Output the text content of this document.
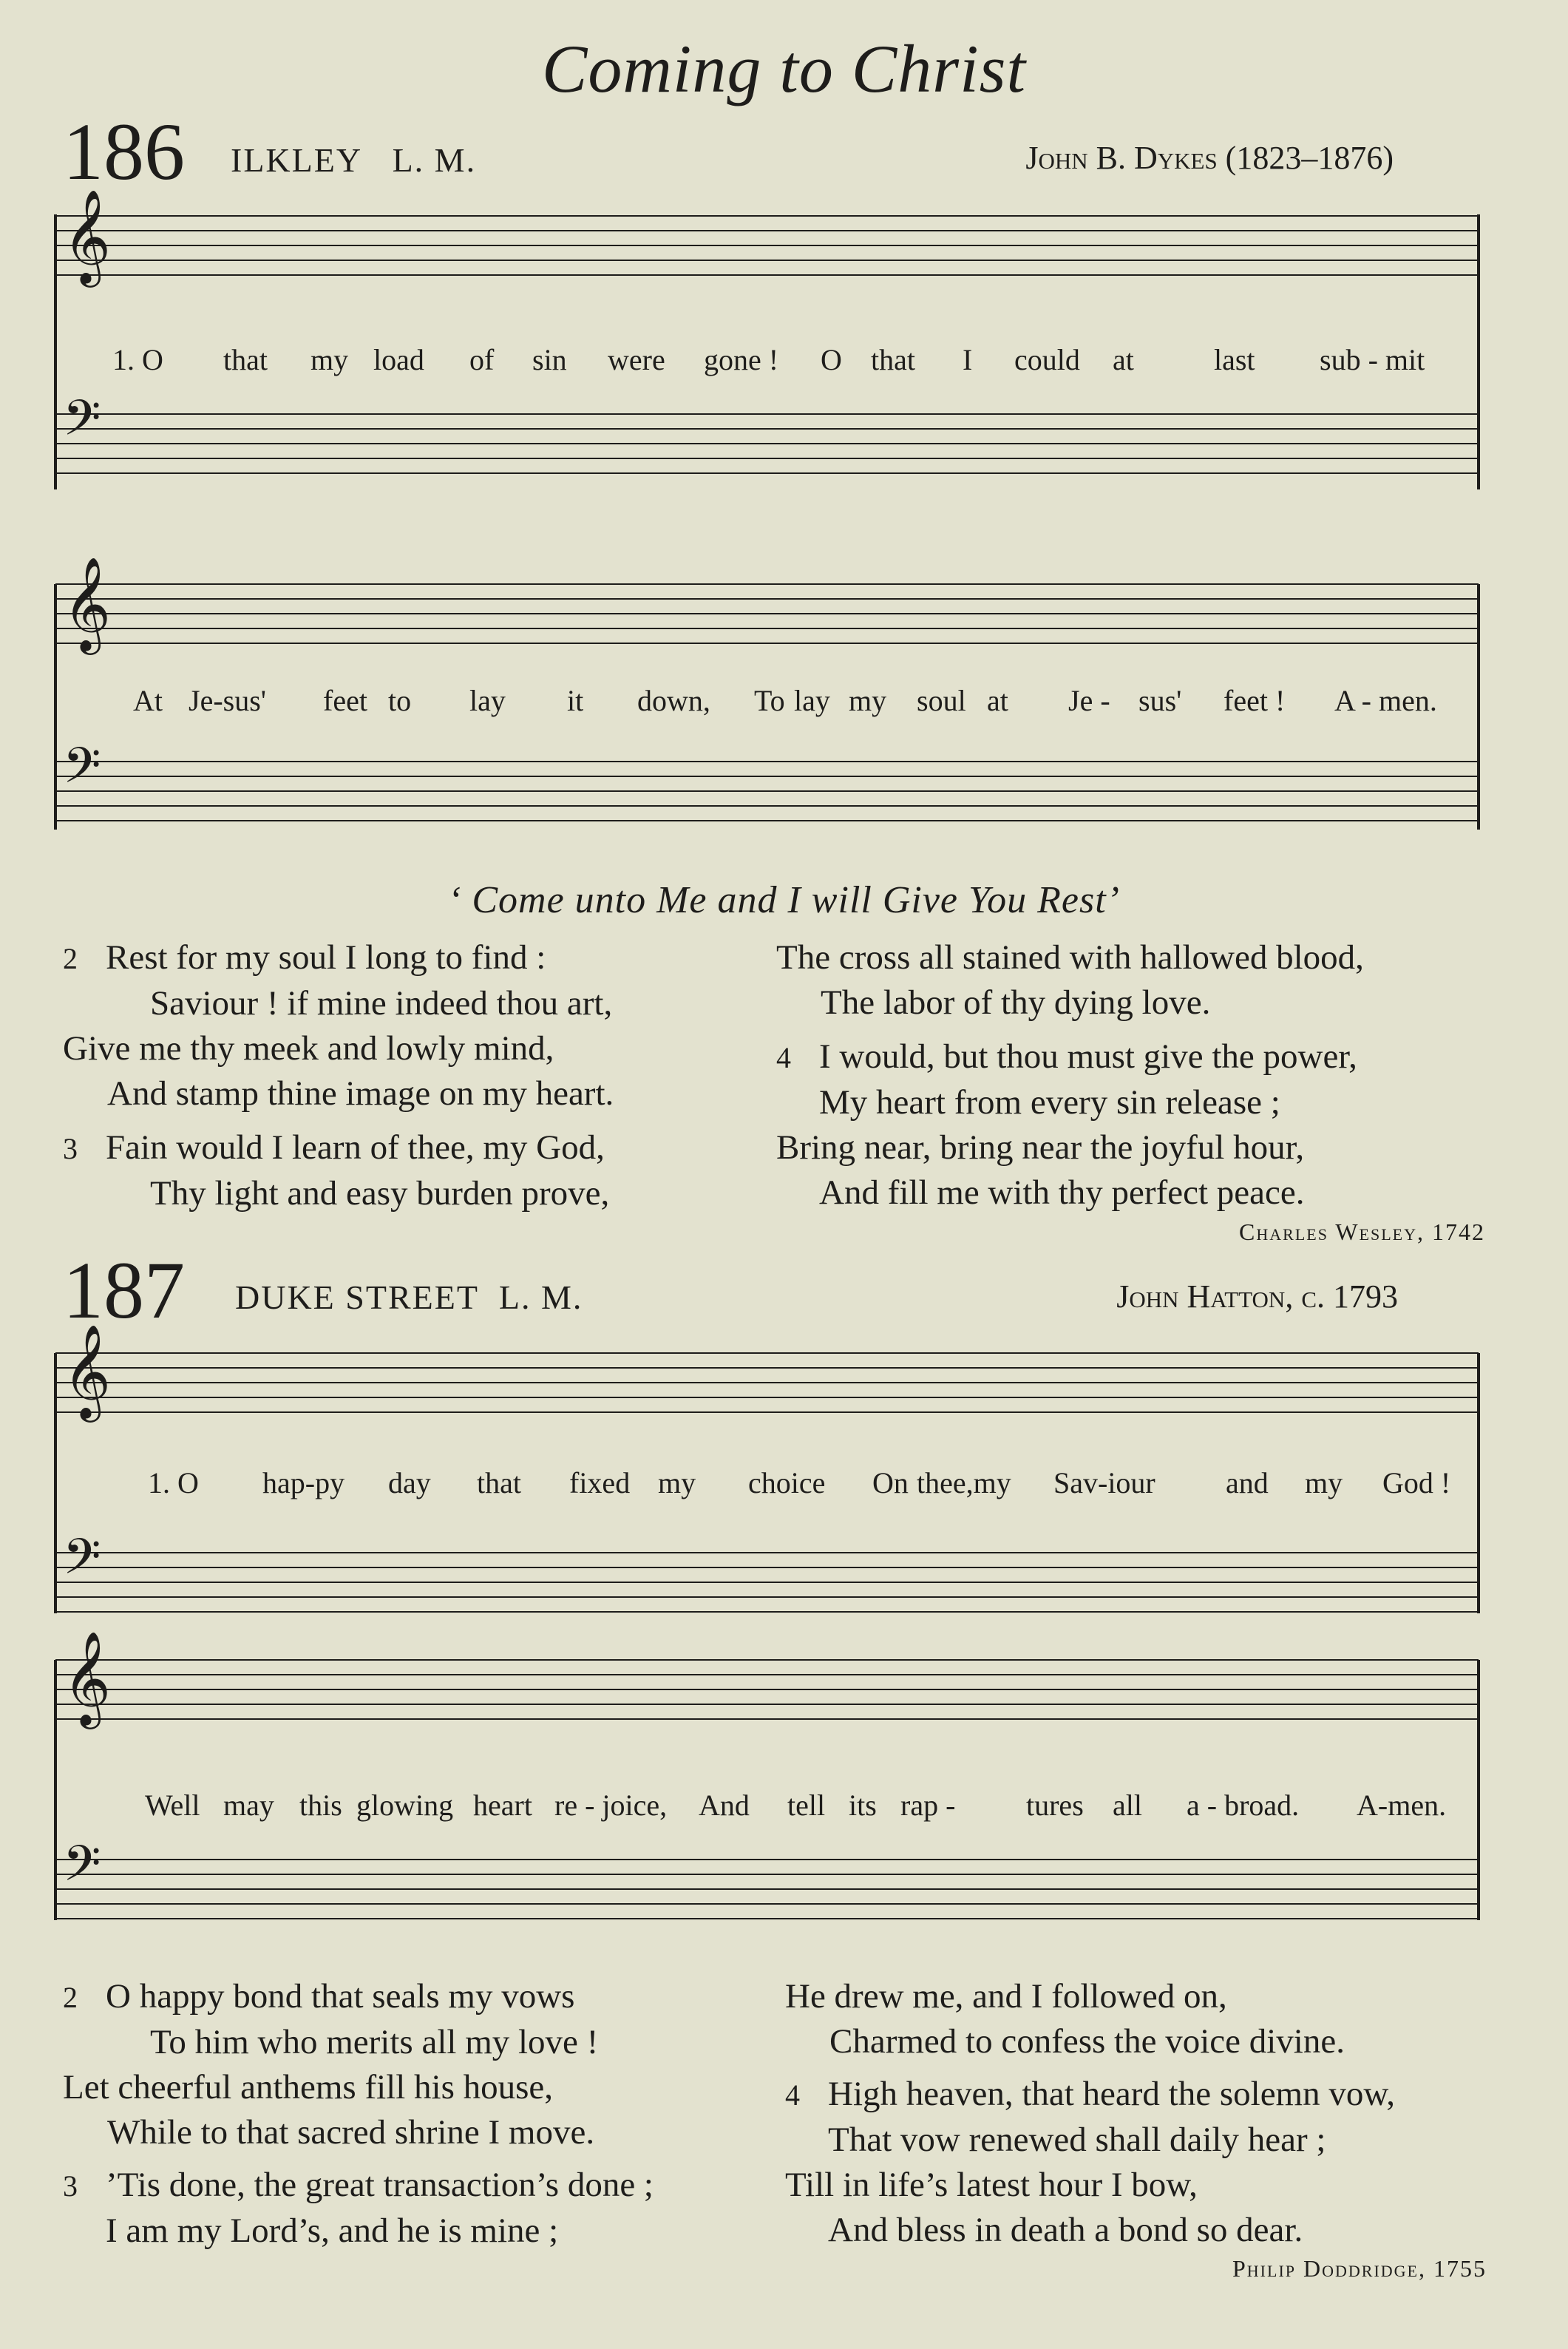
Coming to Christ
186 ILKLEY L. M.	John B. Dykes (1823–1876)
𝄞
𝄢
1. O that my load of sin were gone ! O that I could at	last sub - mit
𝄞
𝄢
At Je-sus' feet to lay it down, To lay my soul at Je - sus' feet ! A - men.
‘ Come unto Me and I will Give You Rest’
2 Rest for my soul I long to find :
Saviour ! if mine indeed thou art,
Give me thy meek and lowly mind,
And stamp thine image on my heart.
3 Fain would I learn of thee, my God,
Thy light and easy burden prove,
The cross all stained with hallowed blood,
The labor of thy dying love.
4 I would, but thou must give the power,
My heart from every sin release ;
Bring near, bring near the joyful hour,
And fill me with thy perfect peace.
Charles Wesley, 1742
187 DUKE STREET L. M.	John Hatton, c. 1793
𝄞
𝄢
1. O hap-py day that fixed my choice On thee,my Sav-iour and my God !
𝄞
𝄢
Well may this glowing heart re - joice, And tell its rap - tures all a - broad. A-men.
2 O happy bond that seals my vows
To him who merits all my love !
Let cheerful anthems fill his house,
While to that sacred shrine I move.
3 ’Tis done, the great transaction’s done ;
I am my Lord’s, and he is mine ;
He drew me, and I followed on,
Charmed to confess the voice divine.
4 High heaven, that heard the solemn vow,
That vow renewed shall daily hear ;
Till in life’s latest hour I bow,
And bless in death a bond so dear.
Philip Doddridge, 1755
